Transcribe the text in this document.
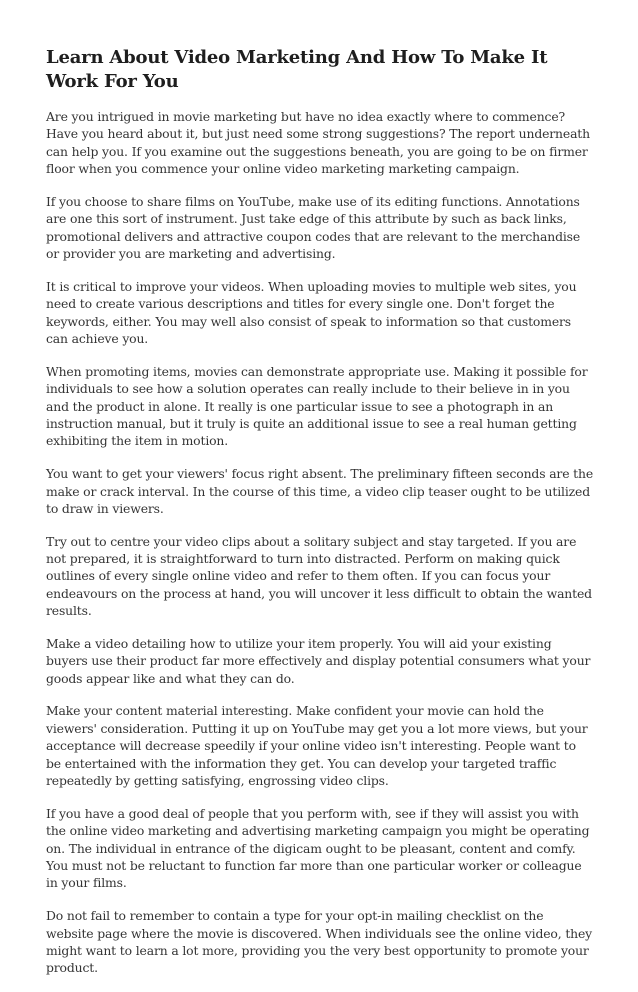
Learn About Video Marketing And How To Make It Work For You

Are you intrigued in movie marketing but have no idea exactly where to commence? Have you heard about it, but just need some strong suggestions? The report underneath can help you. If you examine out the suggestions beneath, you are going to be on firmer floor when you commence your online video marketing marketing campaign.

If you choose to share films on YouTube, make use of its editing functions. Annotations are one this sort of instrument. Just take edge of this attribute by such as back links, promotional delivers and attractive coupon codes that are relevant to the merchandise or provider you are marketing and advertising.

It is critical to improve your videos. When uploading movies to multiple web sites, you need to create various descriptions and titles for every single one. Don't forget the keywords, either. You may well also consist of speak to information so that customers can achieve you.

When promoting items, movies can demonstrate appropriate use. Making it possible for individuals to see how a solution operates can really include to their believe in in you and the product in alone. It really is one particular issue to see a photograph in an instruction manual, but it truly is quite an additional issue to see a real human getting exhibiting the item in motion.

You want to get your viewers' focus right absent. The preliminary fifteen seconds are the make or crack interval. In the course of this time, a video clip teaser ought to be utilized to draw in viewers.

Try out to centre your video clips about a solitary subject and stay targeted. If you are not prepared, it is straightforward to turn into distracted. Perform on making quick outlines of every single online video and refer to them often. If you can focus your endeavours on the process at hand, you will uncover it less difficult to obtain the wanted results.

Make a video detailing how to utilize your item properly. You will aid your existing buyers use their product far more effectively and display potential consumers what your goods appear like and what they can do.

Make your content material interesting. Make confident your movie can hold the viewers' consideration. Putting it up on YouTube may get you a lot more views, but your acceptance will decrease speedily if your online video isn't interesting. People want to be entertained with the information they get. You can develop your targeted traffic repeatedly by getting satisfying, engrossing video clips.

If you have a good deal of people that you perform with, see if they will assist you with the online video marketing and advertising marketing campaign you might be operating on. The individual in entrance of the digicam ought to be pleasant, content and comfy. You must not be reluctant to function far more than one particular worker or colleague in your films.

Do not fail to remember to contain a type for your opt-in mailing checklist on the website page where the movie is discovered. When individuals see the online video, they might want to learn a lot more, providing you the very best opportunity to promote your product.
